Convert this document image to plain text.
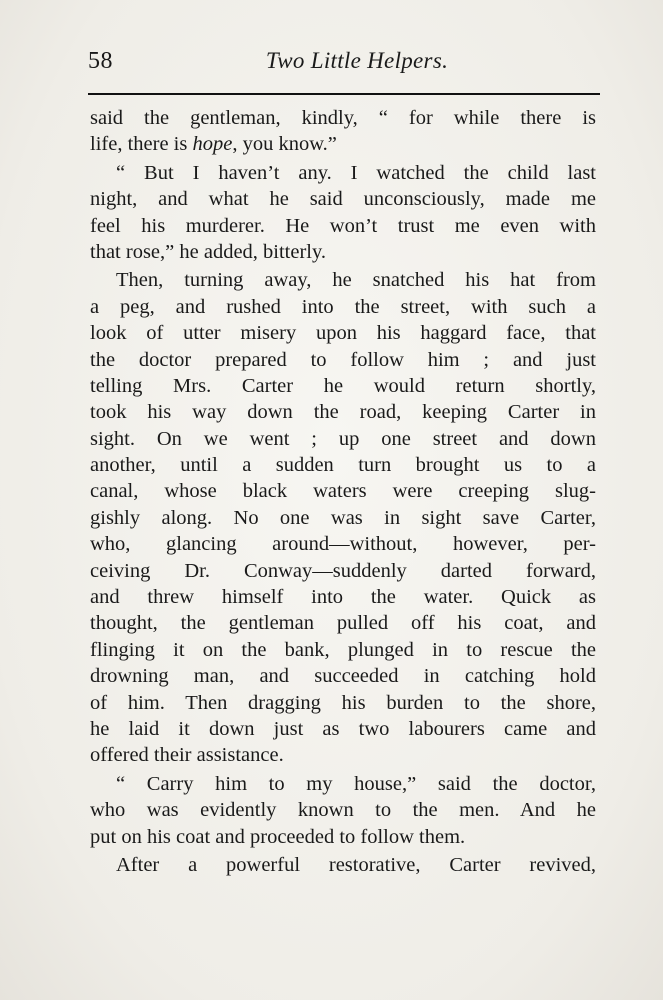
58	Two Little Helpers.
said the gentleman, kindly, “ for while there is
life, there is hope, you know.”
“ But I haven’t any. I watched the child last
night, and what he said unconsciously, made me
feel his murderer. He won’t trust me even with
that rose,” he added, bitterly.
Then, turning away, he snatched his hat from
a peg, and rushed into the street, with such a
look of utter misery upon his haggard face, that
the doctor prepared to follow him ; and just
telling Mrs. Carter he would return shortly,
took his way down the road, keeping Carter in
sight. On we went ; up one street and down
another, until a sudden turn brought us to a
canal, whose black waters were creeping slug-
gishly along. No one was in sight save Carter,
who, glancing around—without, however, per-
ceiving Dr. Conway—suddenly darted forward,
and threw himself into the water. Quick as
thought, the gentleman pulled off his coat, and
flinging it on the bank, plunged in to rescue the
drowning man, and succeeded in catching hold
of him. Then dragging his burden to the shore,
he laid it down just as two labourers came and
offered their assistance.
“ Carry him to my house,” said the doctor,
who was evidently known to the men. And he
put on his coat and proceeded to follow them.
After a powerful restorative, Carter revived,
